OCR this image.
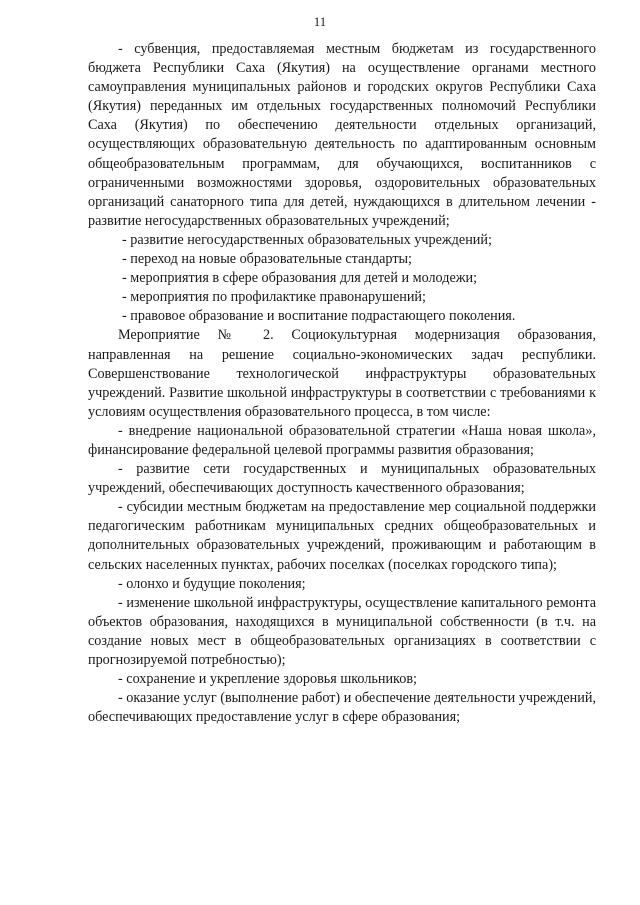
11

- субвенция, предоставляемая местным бюджетам из государственного бюджета Республики Саха (Якутия) на осуществление органами местного самоуправления муниципальных районов и городских округов Республики Саха (Якутия) переданных им отдельных государственных полномочий Республики Саха (Якутия) по обеспечению деятельности отдельных организаций, осуществляющих образовательную деятельность по адаптированным основным общеобразовательным программам, для обучающихся, воспитанников с ограниченными возможностями здоровья, оздоровительных образовательных организаций санаторного типа для детей, нуждающихся в длительном лечении - развитие негосударственных образовательных учреждений;

- развитие негосударственных образовательных учреждений;

- переход на новые образовательные стандарты;

- мероприятия в сфере образования для детей и молодежи;

- мероприятия по профилактике правонарушений;

- правовое образование и воспитание подрастающего поколения.

Мероприятие № 2. Социокультурная модернизация образования, направленная на решение социально-экономических задач республики. Совершенствование технологической инфраструктуры образовательных учреждений. Развитие школьной инфраструктуры в соответствии с требованиями к условиям осуществления образовательного процесса, в том числе:

- внедрение национальной образовательной стратегии «Наша новая школа», финансирование федеральной целевой программы развития образования;

- развитие сети государственных и муниципальных образовательных учреждений, обеспечивающих доступность качественного образования;

- субсидии местным бюджетам на предоставление мер социальной поддержки педагогическим работникам муниципальных средних общеобразовательных и дополнительных образовательных учреждений, проживающим и работающим в сельских населенных пунктах, рабочих поселках (поселках городского типа);

- олонхо и будущие поколения;

- изменение школьной инфраструктуры, осуществление капитального ремонта объектов образования, находящихся в муниципальной собственности (в т.ч. на создание новых мест в общеобразовательных организациях в соответствии с прогнозируемой потребностью);

- сохранение и укрепление здоровья школьников;

- оказание услуг (выполнение работ) и обеспечение деятельности учреждений, обеспечивающих предоставление услуг в сфере образования;
